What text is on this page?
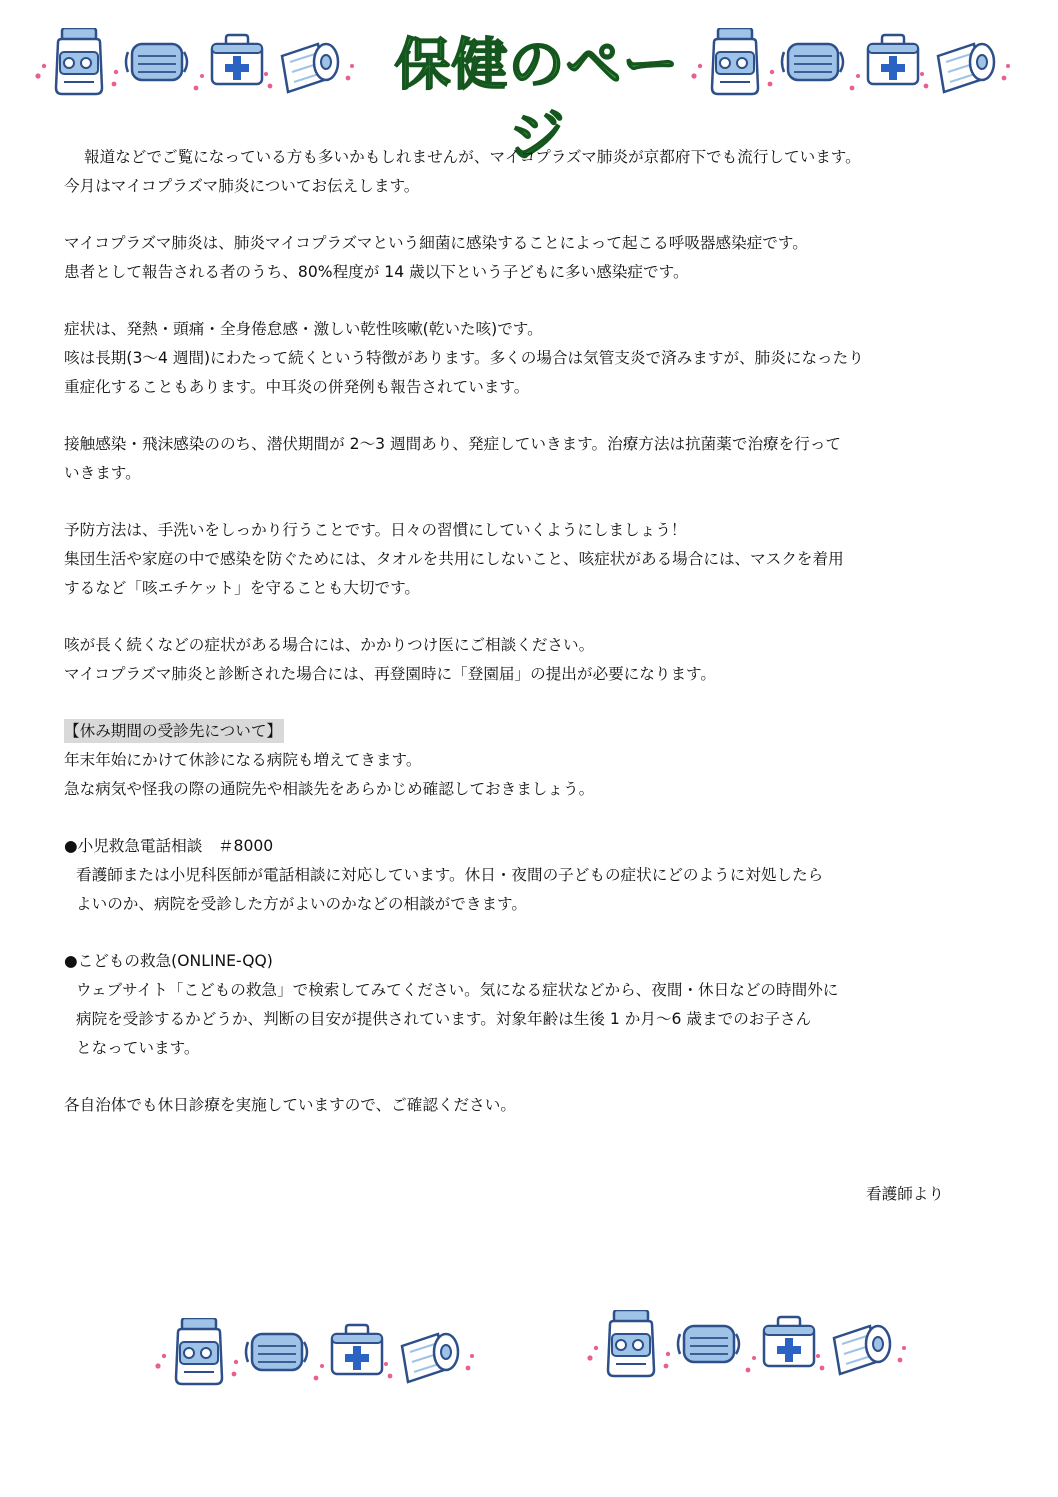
保健のページ
報道などでご覧になっている方も多いかもしれませんが、マイコプラズマ肺炎が京都府下でも流行しています。
今月はマイコプラズマ肺炎についてお伝えします。
マイコプラズマ肺炎は、肺炎マイコプラズマという細菌に感染することによって起こる呼吸器感染症です。
患者として報告される者のうち、80%程度が 14 歳以下という子どもに多い感染症です。
症状は、発熱・頭痛・全身倦怠感・激しい乾性咳嗽(乾いた咳)です。
咳は長期(3～4 週間)にわたって続くという特徴があります。多くの場合は気管支炎で済みますが、肺炎になったり
重症化することもあります。中耳炎の併発例も報告されています。
接触感染・飛沫感染ののち、潜伏期間が 2～3 週間あり、発症していきます。治療方法は抗菌薬で治療を行って
いきます。
予防方法は、手洗いをしっかり行うことです。日々の習慣にしていくようにしましょう！
集団生活や家庭の中で感染を防ぐためには、タオルを共用にしないこと、咳症状がある場合には、マスクを着用
するなど「咳エチケット」を守ることも大切です。
咳が長く続くなどの症状がある場合には、かかりつけ医にご相談ください。
マイコプラズマ肺炎と診断された場合には、再登園時に「登園届」の提出が必要になります。
【休み期間の受診先について】
年末年始にかけて休診になる病院も増えてきます。
急な病気や怪我の際の通院先や相談先をあらかじめ確認しておきましょう。
●小児救急電話相談　＃8000
看護師または小児科医師が電話相談に対応しています。休日・夜間の子どもの症状にどのように対処したら
よいのか、病院を受診した方がよいのかなどの相談ができます。
●こどもの救急(ONLINE-QQ)
ウェブサイト「こどもの救急」で検索してみてください。気になる症状などから、夜間・休日などの時間外に
病院を受診するかどうか、判断の目安が提供されています。対象年齢は生後 1 か月～6 歳までのお子さん
となっています。
各自治体でも休日診療を実施していますので、ご確認ください。
看護師より
